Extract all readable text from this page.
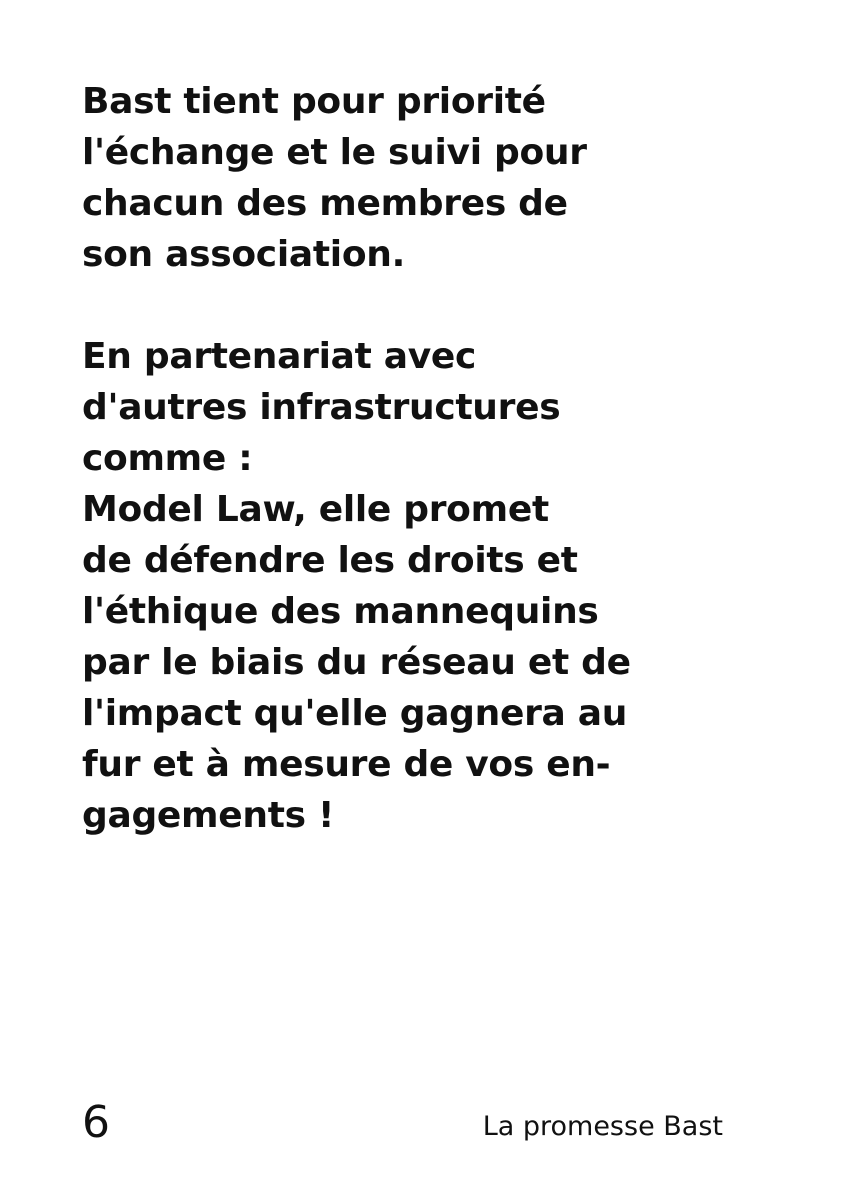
Bast tient pour priorité
l'échange et le suivi pour
chacun des membres de
son association.

En partenariat avec
d'autres infrastructures
comme :
Model Law, elle promet
de défendre les droits et
l'éthique des mannequins
par le biais du réseau et de
l'impact qu'elle gagnera au
fur et à mesure de vos en-
gagements !

6	La promesse Bast
